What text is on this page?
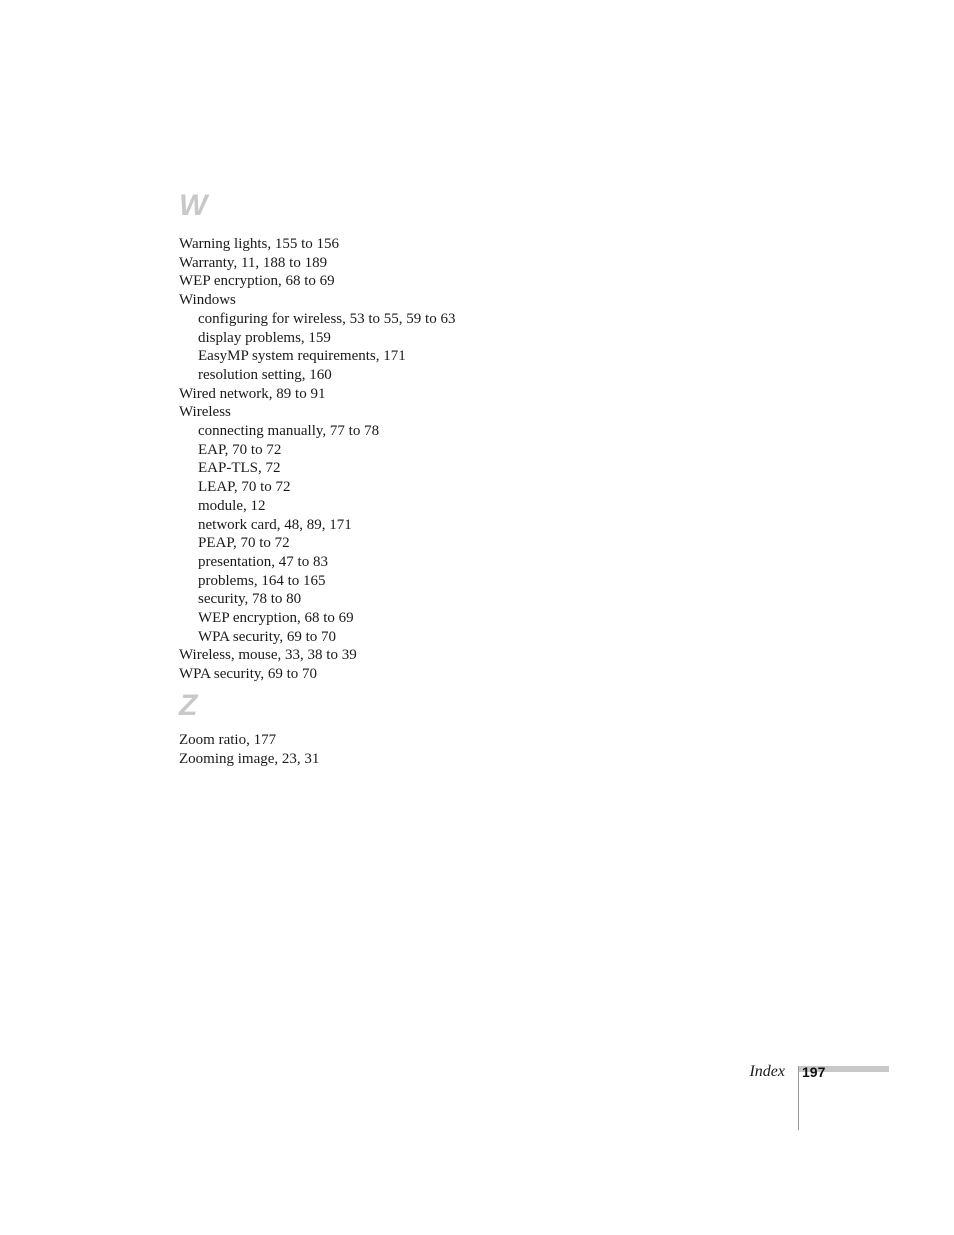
W
Warning lights, 155 to 156
Warranty, 11, 188 to 189
WEP encryption, 68 to 69
Windows
configuring for wireless, 53 to 55, 59 to 63
display problems, 159
EasyMP system requirements, 171
resolution setting, 160
Wired network, 89 to 91
Wireless
connecting manually, 77 to 78
EAP, 70 to 72
EAP-TLS, 72
LEAP, 70 to 72
module, 12
network card, 48, 89, 171
PEAP, 70 to 72
presentation, 47 to 83
problems, 164 to 165
security, 78 to 80
WEP encryption, 68 to 69
WPA security, 69 to 70
Wireless, mouse, 33, 38 to 39
WPA security, 69 to 70
Z
Zoom ratio, 177
Zooming image, 23, 31
Index 197
